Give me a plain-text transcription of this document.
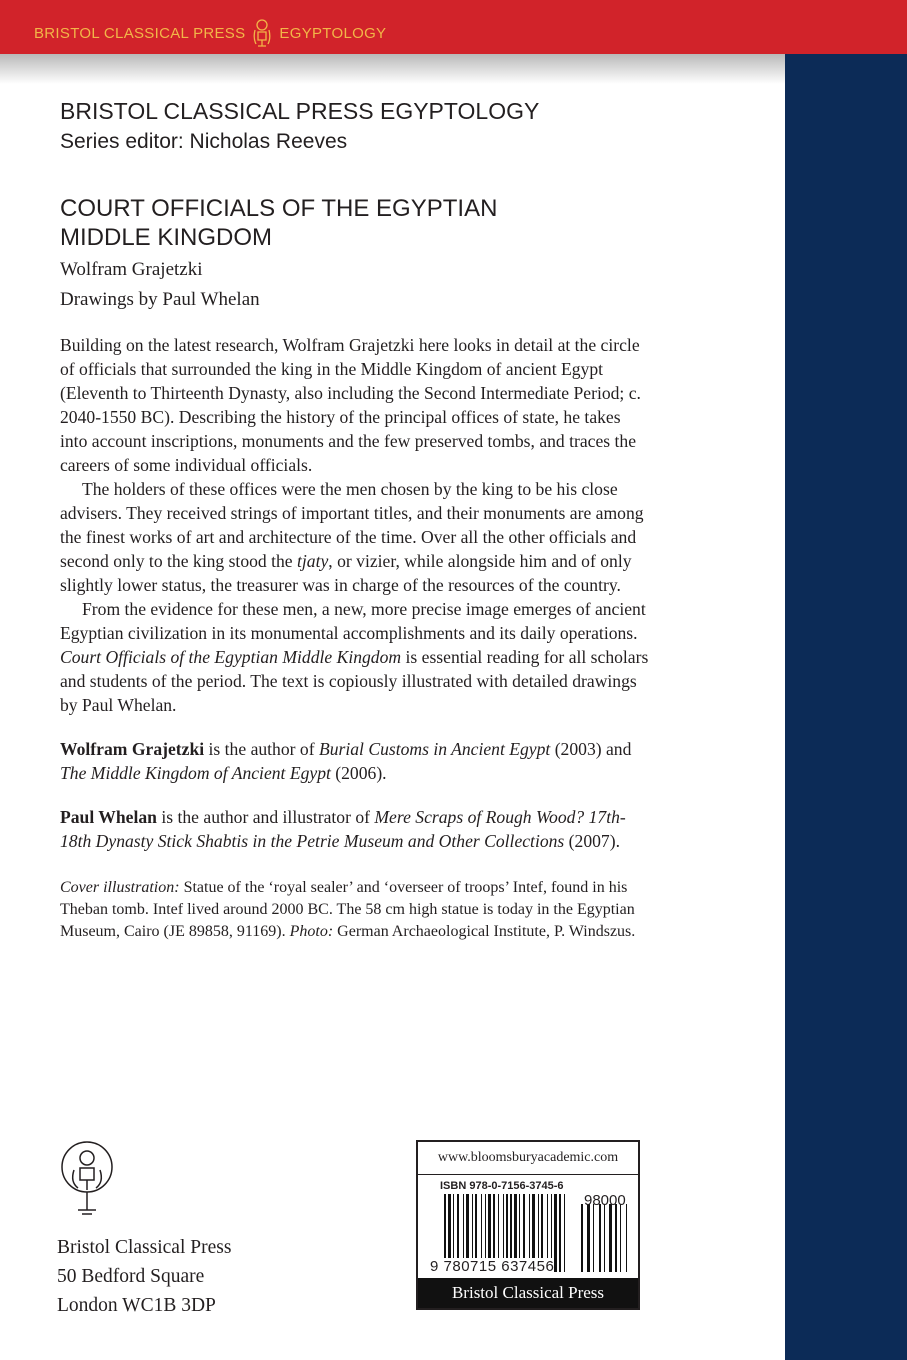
BRISTOL CLASSICAL PRESS EGYPTOLOGY
BRISTOL CLASSICAL PRESS EGYPTOLOGY
Series editor: Nicholas Reeves
COURT OFFICIALS OF THE EGYPTIAN MIDDLE KINGDOM
Wolfram Grajetzki
Drawings by Paul Whelan

Building on the latest research, Wolfram Grajetzki here looks in detail at the circle of officials that surrounded the king in the Middle Kingdom of ancient Egypt (Eleventh to Thirteenth Dynasty, also including the Second Intermediate Period; c. 2040-1550 BC). Describing the history of the principal offices of state, he takes into account inscriptions, monuments and the few preserved tombs, and traces the careers of some individual officials.

The holders of these offices were the men chosen by the king to be his close advisers. They received strings of important titles, and their monuments are among the finest works of art and architecture of the time. Over all the other officials and second only to the king stood the tjaty, or vizier, while alongside him and of only slightly lower status, the treasurer was in charge of the resources of the country.

From the evidence for these men, a new, more precise image emerges of ancient Egyptian civilization in its monumental accomplishments and its daily operations. Court Officials of the Egyptian Middle Kingdom is essential reading for all scholars and students of the period. The text is copiously illustrated with detailed drawings by Paul Whelan.

Wolfram Grajetzki is the author of Burial Customs in Ancient Egypt (2003) and The Middle Kingdom of Ancient Egypt (2006).

Paul Whelan is the author and illustrator of Mere Scraps of Rough Wood? 17th-18th Dynasty Stick Shabtis in the Petrie Museum and Other Collections (2007).

Cover illustration: Statue of the ‘royal sealer’ and ‘overseer of troops’ Intef, found in his Theban tomb. Intef lived around 2000 BC. The 58 cm high statue is today in the Egyptian Museum, Cairo (JE 89858, 91169). Photo: German Archaeological Institute, P. Windszus.

Bristol Classical Press
50 Bedford Square
London WC1B 3DP
www.bloomsburyacademic.com
ISBN 978-0-7156-3745-6
9 780715 637456
98000
Bristol Classical Press
